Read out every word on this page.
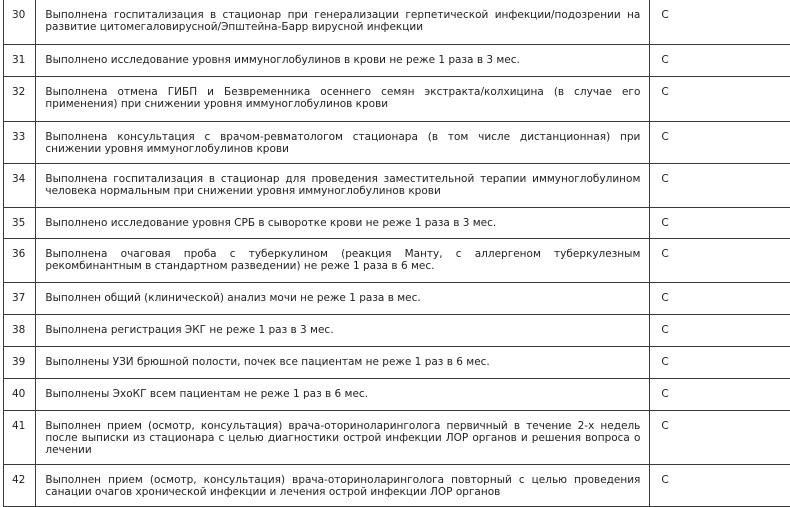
30	Выполнена госпитализация в стационар при генерализации герпетической инфекции/подозрении на развитие цитомегаловирусной/Эпштейна-Барр вирусной инфекции	C
31	Выполнено исследование уровня иммуноглобулинов в крови не реже 1 раза в 3 мес.	C
32	Выполнена отмена ГИБП и Безвременника осеннего семян экстракта/колхицина (в случае его применения) при снижении уровня иммуноглобулинов крови	C
33	Выполнена консультация с врачом-ревматологом стационара (в том числе дистанционная) при снижении уровня иммуноглобулинов крови	C
34	Выполнена госпитализация в стационар для проведения заместительной терапии иммуноглобулином человека нормальным при снижении уровня иммуноглобулинов крови	C
35	Выполнено исследование уровня СРБ в сыворотке крови не реже 1 раза в 3 мес.	C
36	Выполнена очаговая проба с туберкулином (реакция Манту, с аллергеном туберкулезным рекомбинантным в стандартном разведении) не реже 1 раза в 6 мес.	C
37	Выполнен общий (клинической) анализ мочи не реже 1 раза в мес.	C
38	Выполнена регистрация ЭКГ не реже 1 раз в 3 мес.	C
39	Выполнены УЗИ брюшной полости, почек все пациентам не реже 1 раз в 6 мес.	C
40	Выполнены ЭхоКГ всем пациентам не реже 1 раз в 6 мес.	C
41	Выполнен прием (осмотр, консультация) врача-оториноларинголога первичный в течение 2-х недель после выписки из стационара с целью диагностики острой инфекции ЛОР органов и решения вопроса о лечении	C
42	Выполнен прием (осмотр, консультация) врача-оториноларинголога повторный с целью проведения санации очагов хронической инфекции и лечения острой инфекции ЛОР органов	C
